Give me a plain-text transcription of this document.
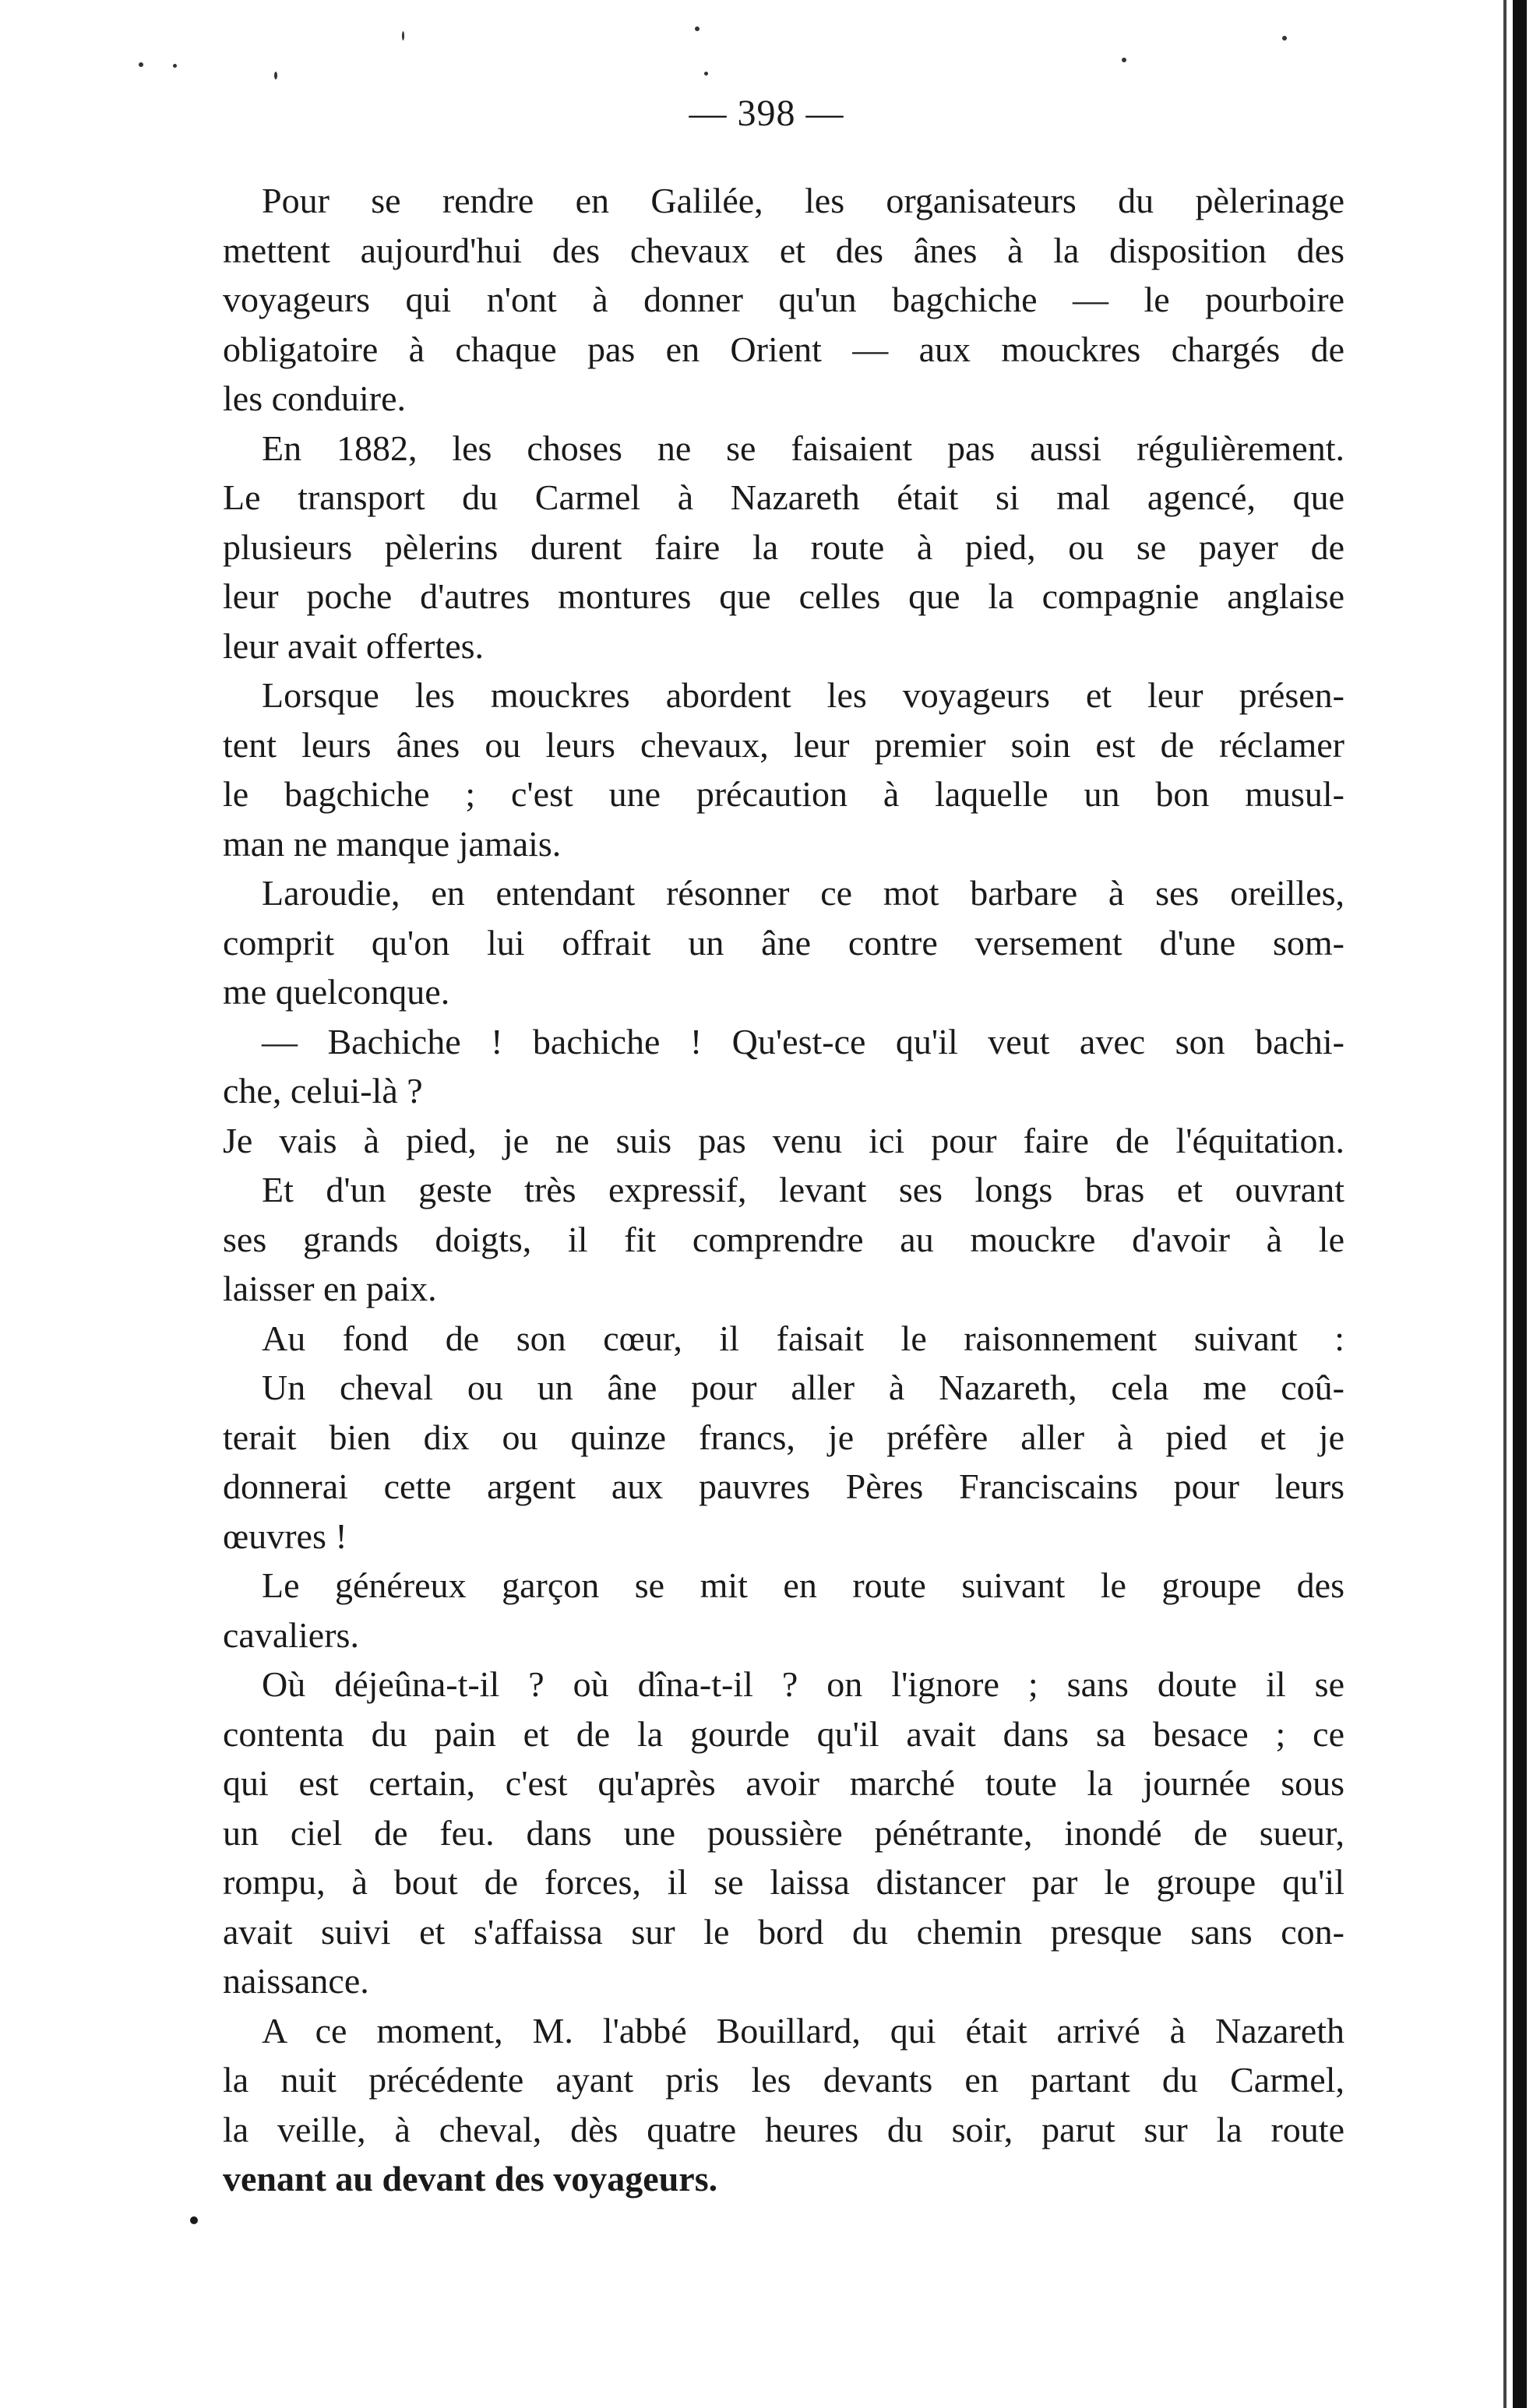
— 398 —
Pour se rendre en Galilée, les organisateurs du pèlerinage
mettent aujourd'hui des chevaux et des ânes à la disposition des
voyageurs qui n'ont à donner qu'un bagchiche — le pourboire
obligatoire à chaque pas en Orient — aux mouckres chargés de
les conduire.
En 1882, les choses ne se faisaient pas aussi régulièrement.
Le transport du Carmel à Nazareth était si mal agencé, que
plusieurs pèlerins durent faire la route à pied, ou se payer de
leur poche d'autres montures que celles que la compagnie anglaise
leur avait offertes.
Lorsque les mouckres abordent les voyageurs et leur présen-
tent leurs ânes ou leurs chevaux, leur premier soin est de réclamer
le bagchiche ; c'est une précaution à laquelle un bon musul-
man ne manque jamais.
Laroudie, en entendant résonner ce mot barbare à ses oreilles,
comprit qu'on lui offrait un âne contre versement d'une som-
me quelconque.
— Bachiche ! bachiche ! Qu'est-ce qu'il veut avec son bachi-
che, celui-là ?
Je vais à pied, je ne suis pas venu ici pour faire de l'équitation.
Et d'un geste très expressif, levant ses longs bras et ouvrant
ses grands doigts, il fit comprendre au mouckre d'avoir à le
laisser en paix.
Au fond de son cœur, il faisait le raisonnement suivant :
Un cheval ou un âne pour aller à Nazareth, cela me coû-
terait bien dix ou quinze francs, je préfère aller à pied et je
donnerai cette argent aux pauvres Pères Franciscains pour leurs
œuvres !
Le généreux garçon se mit en route suivant le groupe des
cavaliers.
Où déjeûna-t-il ? où dîna-t-il ? on l'ignore ; sans doute il se
contenta du pain et de la gourde qu'il avait dans sa besace ; ce
qui est certain, c'est qu'après avoir marché toute la journée sous
un ciel de feu. dans une poussière pénétrante, inondé de sueur,
rompu, à bout de forces, il se laissa distancer par le groupe qu'il
avait suivi et s'affaissa sur le bord du chemin presque sans con-
naissance.
A ce moment, M. l'abbé Bouillard, qui était arrivé à Nazareth
la nuit précédente ayant pris les devants en partant du Carmel,
la veille, à cheval, dès quatre heures du soir, parut sur la route
venant au devant des voyageurs.
